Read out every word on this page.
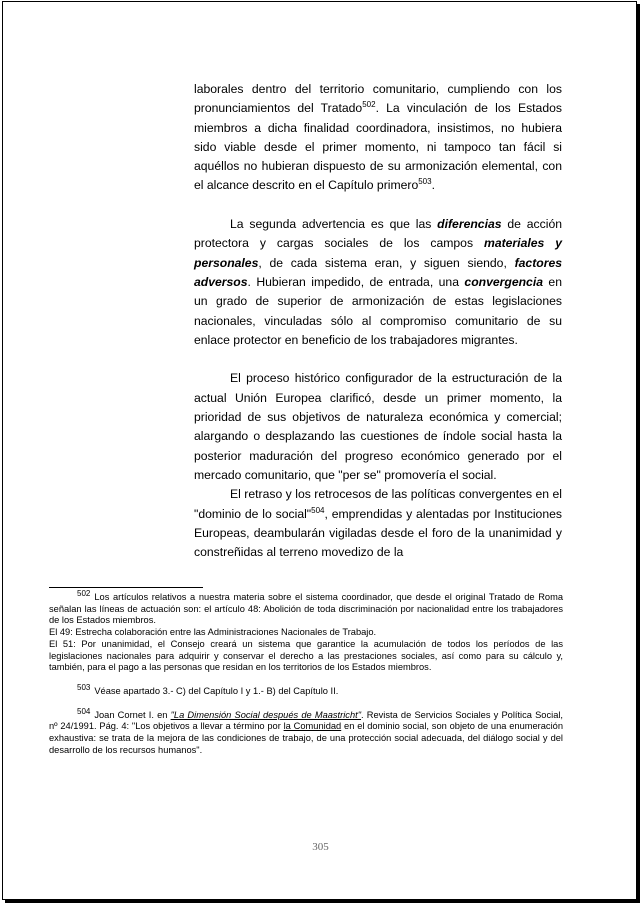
laborales dentro del territorio comunitario, cumpliendo con los pronunciamientos del Tratado$^{502}$. La vinculación de los Estados miembros a dicha finalidad coordinadora, insistimos, no hubiera sido viable desde el primer momento, ni tampoco tan fácil si aquéllos no hubieran dispuesto de su armonización elemental, con el alcance descrito en el Capítulo primero$^{503}$.

La segunda advertencia es que las diferencias de acción protectora y cargas sociales de los campos materiales y personales, de cada sistema eran, y siguen siendo, factores adversos. Hubieran impedido, de entrada, una convergencia en un grado de superior de armonización de estas legislaciones nacionales, vinculadas sólo al compromiso comunitario de su enlace protector en beneficio de los trabajadores migrantes.

El proceso histórico configurador de la estructuración de la actual Unión Europea clarificó, desde un primer momento, la prioridad de sus objetivos de naturaleza económica y comercial; alargando o desplazando las cuestiones de índole social hasta la posterior maduración del progreso económico generado por el mercado comunitario, que "per se" promovería el social.

El retraso y los retrocesos de las políticas convergentes en el "dominio de lo social"$^{504}$, emprendidas y alentadas por Instituciones Europeas, deambularán vigiladas desde el foro de la unanimidad y constreñidas al terreno movedizo de la

502 Los artículos relativos a nuestra materia sobre el sistema coordinador, que desde el original Tratado de Roma señalan las líneas de actuación son: el artículo 48: Abolición de toda discriminación por nacionalidad entre los trabajadores de los Estados miembros.

El 49: Estrecha colaboración entre las Administraciones Nacionales de Trabajo.

El 51: Por unanimidad, el Consejo creará un sistema que garantice la acumulación de todos los períodos de las legislaciones nacionales para adquirir y conservar el derecho a las prestaciones sociales, así como para su cálculo y, también, para el pago a las personas que residan en los territorios de los Estados miembros.

503 Véase apartado 3.- C) del Capítulo I y 1.- B) del Capítulo II.

504 Joan Cornet I. en "La Dimensión Social después de Maastricht". Revista de Servicios Sociales y Política Social, nº 24/1991. Pág. 4: "Los objetivos a llevar a término por la Comunidad en el dominio social, son objeto de una enumeración exhaustiva: se trata de la mejora de las condiciones de trabajo, de una protección social adecuada, del diálogo social y del desarrollo de los recursos humanos".

305
